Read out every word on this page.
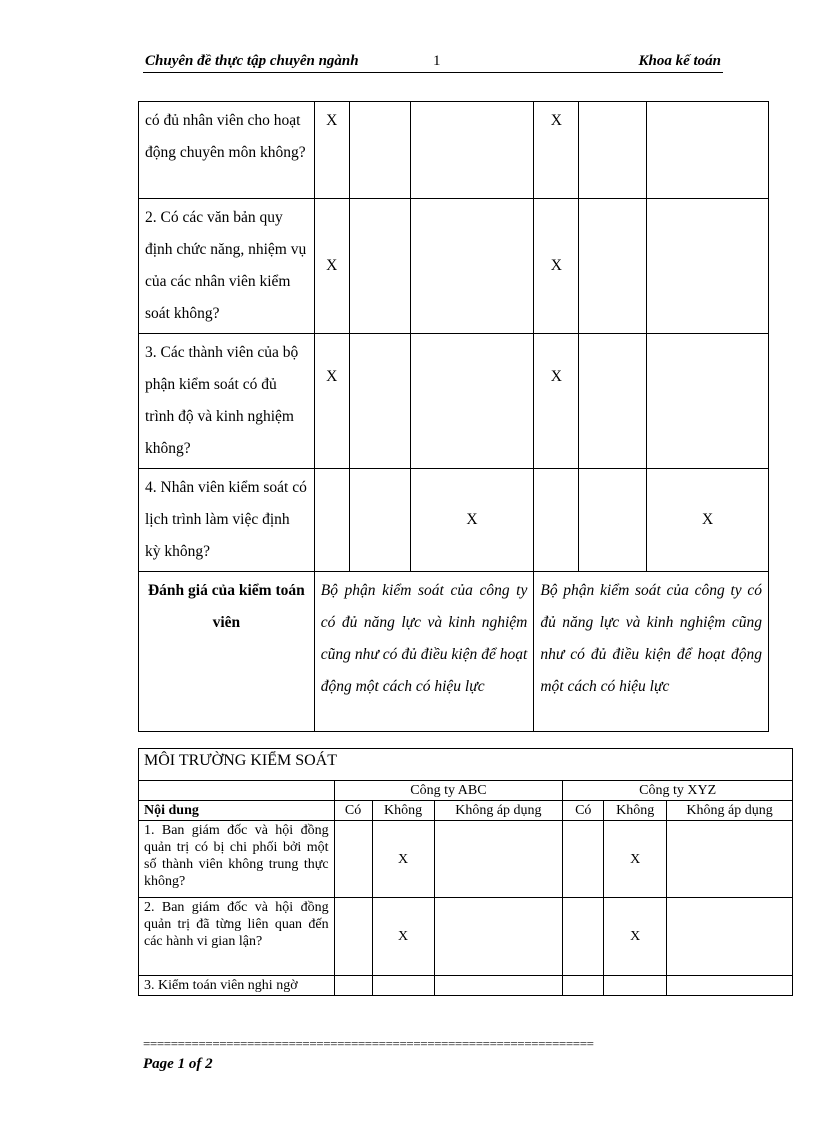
Chuyên đề thực tập chuyên ngành	1	Khoa kế toán
có đủ nhân viên cho hoạt động chuyên môn không?	X			X		
2. Có các văn bản quy định chức năng, nhiệm vụ của các nhân viên kiểm soát không?	X			X		
3. Các thành viên của bộ phận kiểm soát có đủ trình độ và kinh nghiệm không?	X			X		
4. Nhân viên kiểm soát có lịch trình làm việc định kỳ không?			X			X
Đánh giá của kiểm toán viên	Bộ phận kiểm soát của công ty có đủ năng lực và kinh nghiệm cũng như có đủ điều kiện để hoạt động một cách có hiệu lực			Bộ phận kiểm soát của công ty có đủ năng lực và kinh nghiệm cũng như có đủ điều kiện để hoạt động một cách có hiệu lực		
MÔI TRƯỜNG KIỂM SOÁT						
	Công ty ABC			Công ty XYZ		
Nội dung	Có	Không	Không áp dụng	Có	Không	Không áp dụng
1. Ban giám đốc và hội đồng quản trị có bị chi phối bởi một số thành viên không trung thực không?		X			X	
2. Ban giám đốc và hội đồng quản trị đã từng liên quan đến các hành vi gian lận?		X			X	
3. Kiểm toán viên nghi ngờ						
=================================================================
Page 1 of 2
